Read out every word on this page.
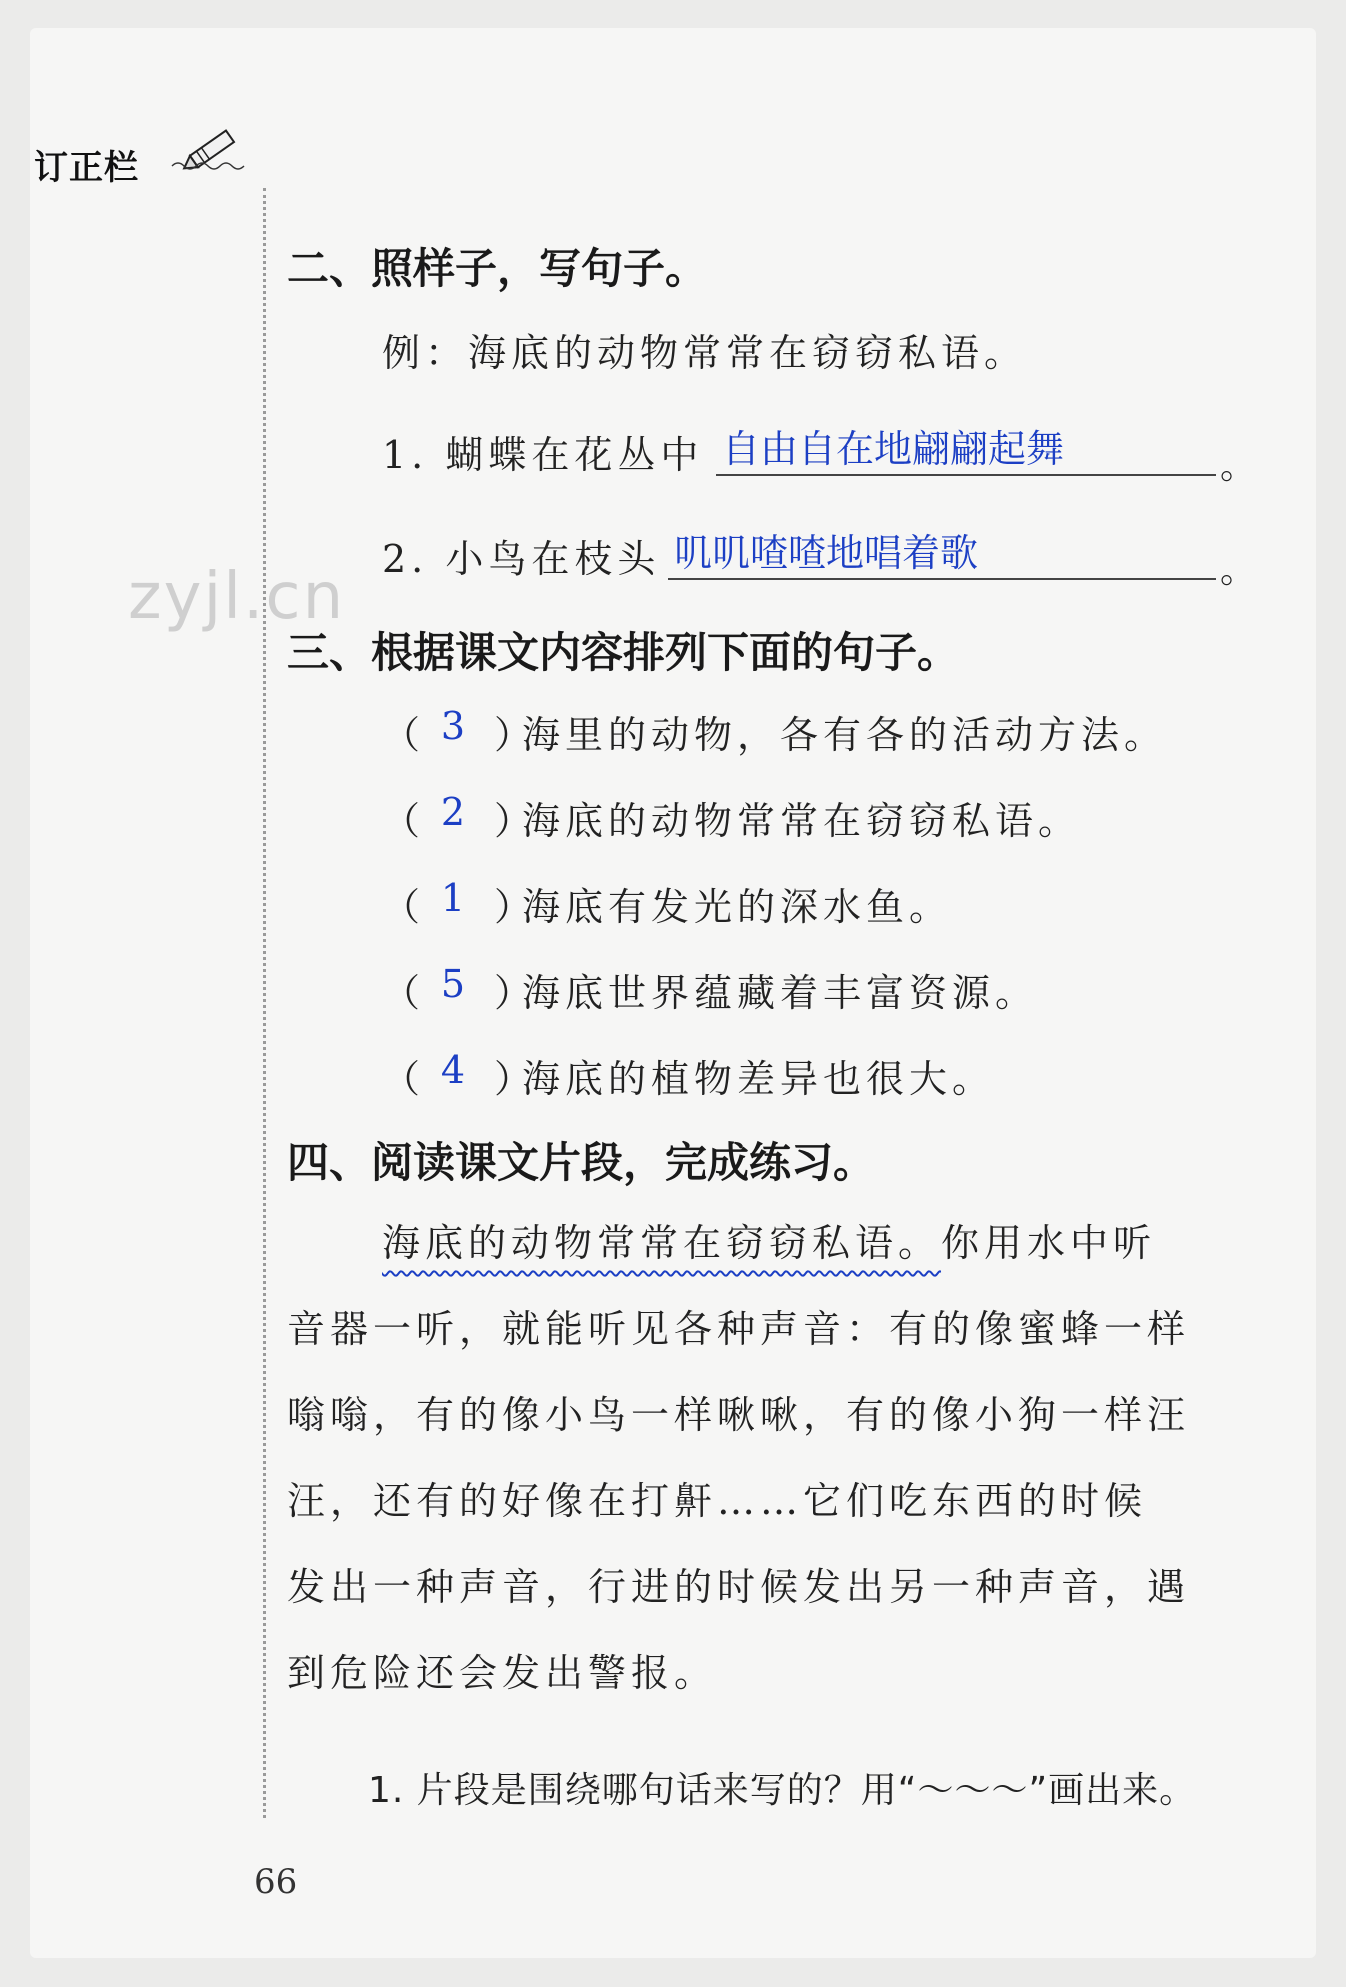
zyjl.cn
订正栏
二、照样子，写句子。
例：海底的动物常常在窃窃私语。
1. 蝴蝶在花丛中 自由自在地翩翩起舞	。
2. 小鸟在枝头 叽叽喳喳地唱着歌	。
三、根据课文内容排列下面的句子。
（ 3 ）
海里的动物，各有各的活动方法。
（ 2 ）
海底的动物常常在窃窃私语。
（ 1 ）
海底有发光的深水鱼。
（ 5 ）
海底世界蕴藏着丰富资源。
（ 4 ）
海底的植物差异也很大。
四、阅读课文片段，完成练习。
海底的动物常常在窃窃私语。你用水中听
音器一听，就能听见各种声音：有的像蜜蜂一样
嗡嗡，有的像小鸟一样啾啾，有的像小狗一样汪
汪，还有的好像在打鼾……它们吃东西的时候
发出一种声音，行进的时候发出另一种声音，遇
到危险还会发出警报。
1. 片段是围绕哪句话来写的？用“～～～”画出来。
66
